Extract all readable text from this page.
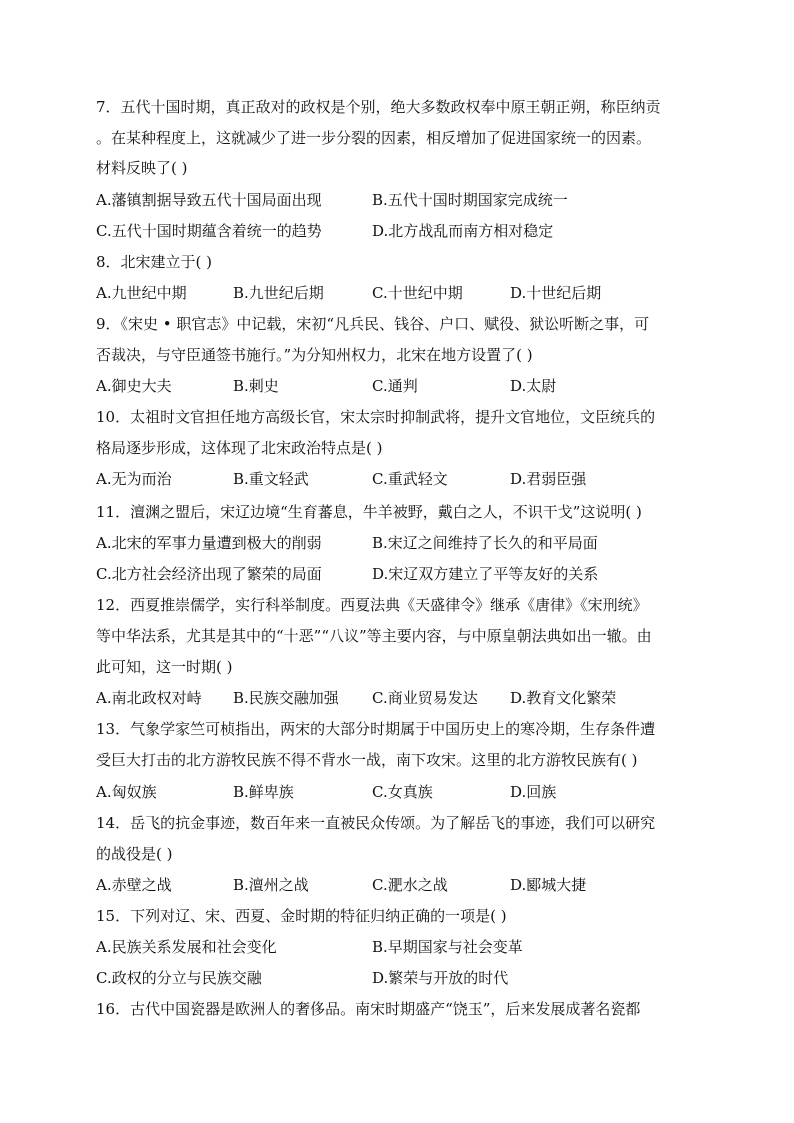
7．五代十国时期，真正敌对的政权是个别，绝大多数政权奉中原王朝正朔，称臣纳贡
。在某种程度上，这就减少了进一步分裂的因素，相反增加了促进国家统一的因素。
材料反映了( )
A.藩镇割据导致五代十国局面出现	B.五代十国时期国家完成统一
C.五代十国时期蕴含着统一的趋势	D.北方战乱而南方相对稳定
8．北宋建立于( )
A.九世纪中期	B.九世纪后期	C.十世纪中期	D.十世纪后期
9．《宋史 • 职官志》中记载，宋初“凡兵民、钱谷、户口、赋役、狱讼听断之事，可
否裁决，与守臣通签书施行。”为分知州权力，北宋在地方设置了( )
A.御史大夫	B.刺史	C.通判	D.太尉
10．太祖时文官担任地方高级长官，宋太宗时抑制武将，提升文官地位，文臣统兵的
格局逐步形成，这体现了北宋政治特点是( )
A.无为而治	B.重文轻武	C.重武轻文	D.君弱臣强
11．澶渊之盟后，宋辽边境“生育蕃息，牛羊被野，戴白之人，不识干戈”这说明( )
A.北宋的军事力量遭到极大的削弱	B.宋辽之间维持了长久的和平局面
C.北方社会经济出现了繁荣的局面	D.宋辽双方建立了平等友好的关系
12．西夏推崇儒学，实行科举制度。西夏法典《天盛律令》继承《唐律》《宋刑统》
等中华法系，尤其是其中的“十恶”“八议”等主要内容，与中原皇朝法典如出一辙。由
此可知，这一时期( )
A.南北政权对峙 B.民族交融加强 C.商业贸易发达 D.教育文化繁荣
13．气象学家竺可桢指出，两宋的大部分时期属于中国历史上的寒冷期，生存条件遭
受巨大打击的北方游牧民族不得不背水一战，南下攻宋。这里的北方游牧民族有( )
A.匈奴族	B.鲜卑族	C.女真族	D.回族
14．岳飞的抗金事迹，数百年来一直被民众传颂。为了解岳飞的事迹，我们可以研究
的战役是( )
A.赤壁之战	B.澶州之战	C.淝水之战	D.郾城大捷
15．下列对辽、宋、西夏、金时期的特征归纳正确的一项是( )
A.民族关系发展和社会变化	B.早期国家与社会变革
C.政权的分立与民族交融	D.繁荣与开放的时代
16．古代中国瓷器是欧洲人的奢侈品。南宋时期盛产“饶玉”，后来发展成著名瓷都
